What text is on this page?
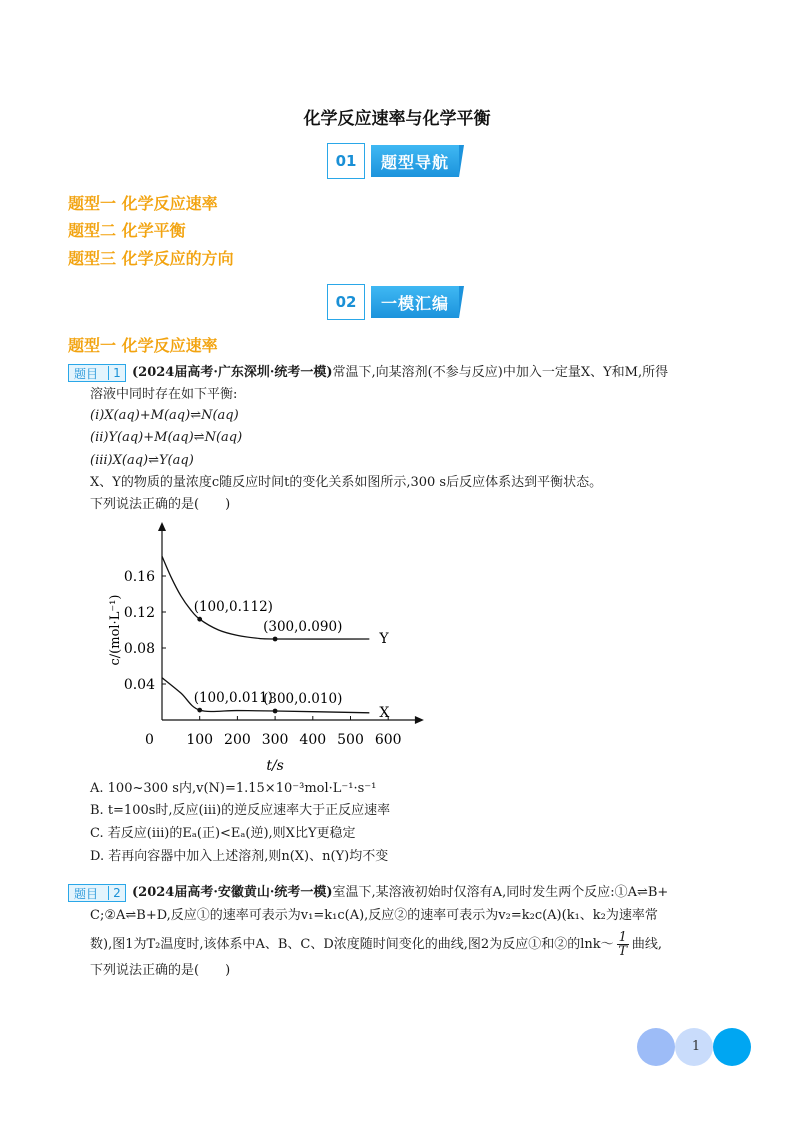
化学反应速率与化学平衡
01	题型导航
题型一 化学反应速率
题型二 化学平衡
题型三 化学反应的方向
02	一模汇编
题型一 化学反应速率
题目	1 (2024届高考·广东深圳·统考一模)常温下,向某溶剂(不参与反应)中加入一定量X、Y和M,所得
溶液中同时存在如下平衡:
(ⅰ)X(aq)+M(aq)⇌N(aq)
(ⅱ)Y(aq)+M(aq)⇌N(aq)
(ⅲ)X(aq)⇌Y(aq)
X、Y的物质的量浓度c随反应时间t的变化关系如图所示,300 s后反应体系达到平衡状态。
下列说法正确的是(　　)
0 100 200 300 400 500 600
0.04
0.08
0.12
0.16
t/s
c/(mol·L⁻¹)	Y
X
(100,0.112)
(300,0.090)
(100,0.011)
(300,0.010)
A. 100~300 s内,v(N)=1.15×10⁻³mol·L⁻¹·s⁻¹
B. t=100s时,反应(ⅲ)的逆反应速率大于正反应速率
C. 若反应(ⅲ)的Eₐ(正)<Eₐ(逆),则X比Y更稳定
D. 若再向容器中加入上述溶剂,则n(X)、n(Y)均不变
题目	2 (2024届高考·安徽黄山·统考一模)室温下,某溶液初始时仅溶有A,同时发生两个反应:①A⇌B+
C;②A⇌B+D,反应①的速率可表示为v₁=k₁c(A),反应②的速率可表示为v₂=k₂c(A)(k₁、k₂为速率常
数),图1为T₂温度时,该体系中A、B、C、D浓度随时间变化的曲线,图2为反应①和②的lnk～ $\frac{1}{T}$ 曲线,
下列说法正确的是(　　)
1
